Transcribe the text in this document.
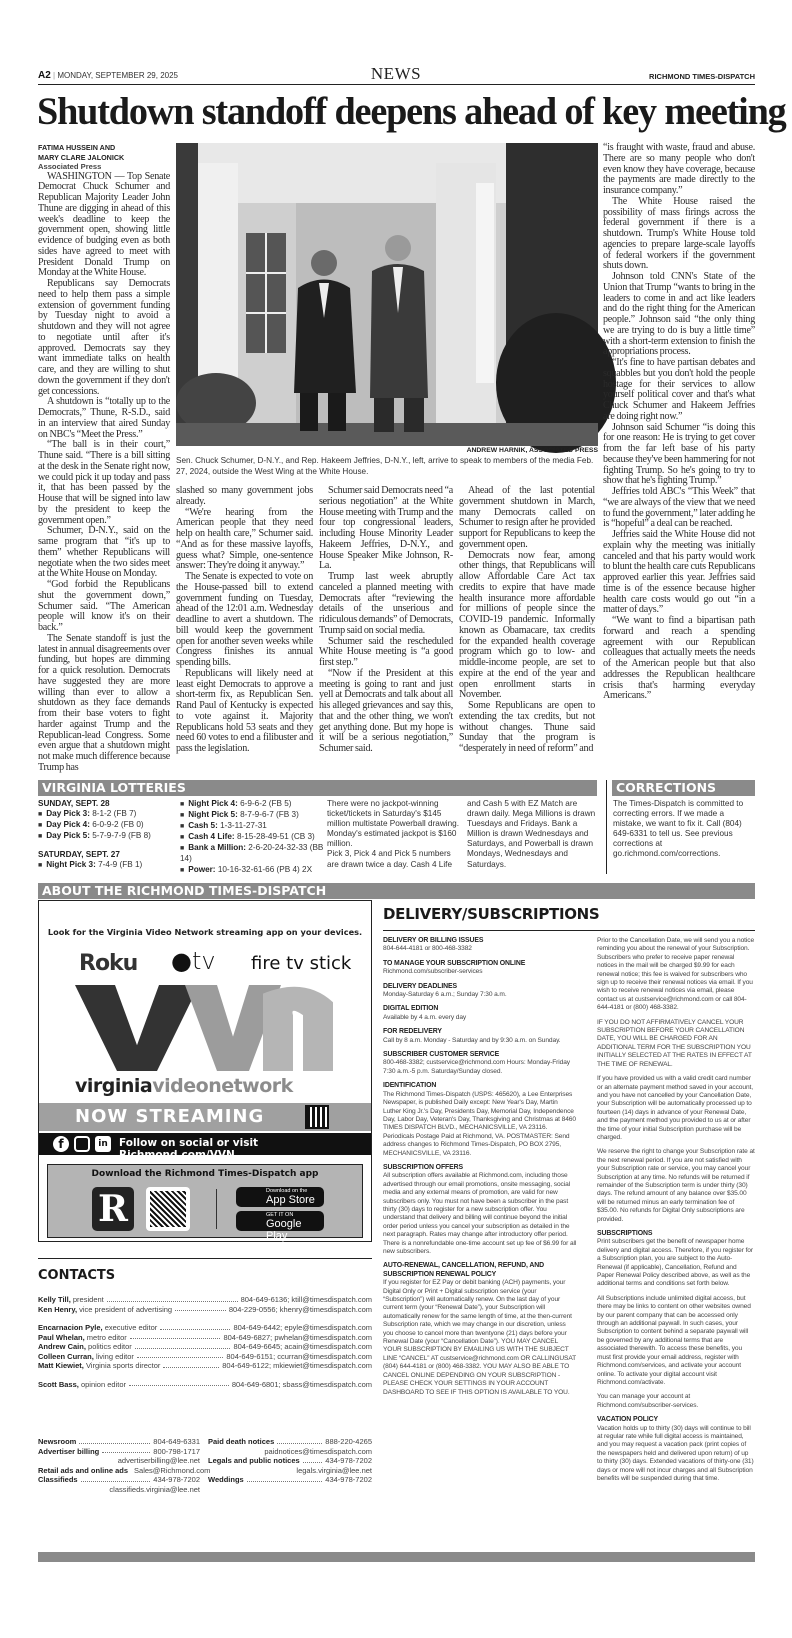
A2 | MONDAY, SEPTEMBER 29, 2025	NEWS	RICHMOND TIMES-DISPATCH
Shutdown standoff deepens ahead of key meeting
FATIMA HUSSEIN AND
MARY CLARE JALONICK
Associated Press

WASHINGTON — Top Senate Democrat Chuck Schumer and Republican Majority Leader John Thune are digging in ahead of this week's deadline to keep the government open, showing little evidence of budging even as both sides have agreed to meet with President Donald Trump on Monday at the White House.

Republicans say Democrats need to help them pass a simple extension of government funding by Tuesday night to avoid a shutdown and they will not agree to negotiate until after it's approved. Democrats say they want immediate talks on health care, and they are willing to shut down the government if they don't get concessions.

A shutdown is “totally up to the Democrats,” Thune, R-S.D., said in an interview that aired Sunday on NBC's “Meet the Press.”

“The ball is in their court,” Thune said. “There is a bill sitting at the desk in the Senate right now, we could pick it up today and pass it, that has been passed by the House that will be signed into law by the president to keep the government open.”

Schumer, D-N.Y., said on the same program that “it's up to them” whether Republicans will negotiate when the two sides meet at the White House on Monday.

“God forbid the Republicans shut the government down,” Schumer said. “The American people will know it's on their back.”

The Senate standoff is just the latest in annual disagreements over funding, but hopes are dimming for a quick resolution. Democrats have suggested they are more willing than ever to allow a shutdown as they face demands from their base voters to fight harder against Trump and the Republican-lead Congress. Some even argue that a shutdown might not make much difference because Trump has

ANDREW HARNIK, ASSOCIATED PRESS
Sen. Chuck Schumer, D-N.Y., and Rep. Hakeem Jeffries, D-N.Y., left, arrive to speak to members of the media Feb. 27, 2024, outside the West Wing at the White House.

slashed so many government jobs already.

“We're hearing from the American people that they need help on health care,” Schumer said. “And as for these massive layoffs, guess what? Simple, one-sentence answer: They're doing it anyway.”

The Senate is expected to vote on the House-passed bill to extend government funding on Tuesday, ahead of the 12:01 a.m. Wednesday deadline to avert a shutdown. The bill would keep the government open for another seven weeks while Congress finishes its annual spending bills.

Republicans will likely need at least eight Democrats to approve a short-term fix, as Republican Sen. Rand Paul of Kentucky is expected to vote against it. Majority Republicans hold 53 seats and they need 60 votes to end a filibuster and pass the legislation.

Schumer said Democrats need “a serious negotiation” at the White House meeting with Trump and the four top congressional leaders, including House Minority Leader Hakeem Jeffries, D-N.Y., and House Speaker Mike Johnson, R-La.

Trump last week abruptly canceled a planned meeting with Democrats after “reviewing the details of the unserious and ridiculous demands” of Democrats, Trump said on social media.

Schumer said the rescheduled White House meeting is “a good first step.”

“Now if the President at this meeting is going to rant and just yell at Democrats and talk about all his alleged grievances and say this, that and the other thing, we won't get anything done. But my hope is it will be a serious negotiation,” Schumer said.

Ahead of the last potential government shutdown in March, many Democrats called on Schumer to resign after he provided support for Republicans to keep the government open.

Democrats now fear, among other things, that Republicans will allow Affordable Care Act tax credits to expire that have made health insurance more affordable for millions of people since the COVID-19 pandemic. Informally known as Obamacare, tax credits for the expanded health coverage program which go to low- and middle-income people, are set to expire at the end of the year and open enrollment starts in November.

Some Republicans are open to extending the tax credits, but not without changes. Thune said Sunday that the program is “desperately in need of reform” and

“is fraught with waste, fraud and abuse. There are so many people who don't even know they have coverage, because the payments are made directly to the insurance company.”

The White House raised the possibility of mass firings across the federal government if there is a shutdown. Trump's White House told agencies to prepare large-scale layoffs of federal workers if the government shuts down.

Johnson told CNN's State of the Union that Trump “wants to bring in the leaders to come in and act like leaders and do the right thing for the American people.” Johnson said “the only thing we are trying to do is buy a little time” with a short-term extension to finish the appropriations process.

“It's fine to have partisan debates and squabbles but you don't hold the people hostage for their services to allow yourself political cover and that's what Chuck Schumer and Hakeem Jeffries are doing right now.”

Johnson said Schumer “is doing this for one reason: He is trying to get cover from the far left base of his party because they've been hammering for not fighting Trump. So he's going to try to show that he's fighting Trump.”

Jeffries told ABC's “This Week” that “we are always of the view that we need to fund the government,” later adding he is “hopeful” a deal can be reached.

Jeffries said the White House did not explain why the meeting was initially canceled and that his party would work to blunt the health care cuts Republicans approved earlier this year. Jeffries said time is of the essence because higher health care costs would go out “in a matter of days.”

“We want to find a bipartisan path forward and reach a spending agreement with our Republican colleagues that actually meets the needs of the American people but that also addresses the Republican healthcare crisis that's harming everyday Americans.”

VIRGINIA LOTTERIES
SUNDAY, SEPT. 28
■ Day Pick 3: 8-1-2 (FB 7)
■ Day Pick 4: 6-0-9-2 (FB 0)
■ Day Pick 5: 5-7-9-7-9 (FB 8)
SATURDAY, SEPT. 27
■ Night Pick 3: 7-4-9 (FB 1)
■ Night Pick 4: 6-9-6-2 (FB 5)
■ Night Pick 5: 8-7-9-6-7 (FB 3)
■ Cash 5: 1-3-11-27-31
■ Cash 4 Life: 8-15-28-49-51 (CB 3)
■ Bank a Million: 2-6-20-24-32-33 (BB 14)
■ Power: 10-16-32-61-66 (PB 4) 2X
There were no jackpot-winning ticket/tickets in Saturday's $145 million multistate Powerball drawing. Monday's estimated jackpot is $160 million.
Pick 3, Pick 4 and Pick 5 numbers are drawn twice a day. Cash 4 Life
and Cash 5 with EZ Match are drawn daily. Mega Millions is drawn Tuesdays and Fridays. Bank a Million is drawn Wednesdays and Saturdays, and Powerball is drawn Mondays, Wednesdays and Saturdays.
CORRECTIONS
The Times-Dispatch is committed to correcting errors. If we made a mistake, we want to fix it. Call (804) 649-6331 to tell us. See previous corrections at go.richmond.com/corrections.
ABOUT THE RICHMOND TIMES-DISPATCH
Look for the Virginia Video Network streaming app on your devices.
Roku ●tv fire tv stick
virginiavideonetwork
NOW STREAMING
f	in	Follow on social or visit Richmond.com/VVN
Download the Richmond Times-Dispatch app
R	Download on the
App Store
GET IT ON
Google Play
DELIVERY/SUBSCRIPTIONS
DELIVERY OR BILLING ISSUES

804-644-4181 or 800-468-3382

TO MANAGE YOUR SUBSCRIPTION ONLINE

Richmond.com/subscriber-services

DELIVERY DEADLINES

Monday-Saturday 6 a.m.; Sunday 7:30 a.m.

DIGITAL EDITION

Available by 4 a.m. every day

FOR REDELIVERY

Call by 8 a.m. Monday - Saturday and by 9:30 a.m. on Sunday.

SUBSCRIBER CUSTOMER SERVICE

800-468-3382; custservice@richmond.com Hours: Monday-Friday 7:30 a.m.-5 p.m. Saturday/Sunday closed.

IDENTIFICATION

The Richmond Times-Dispatch (USPS: 465620), a Lee Enterprises Newspaper, is published Daily except: New Year's Day, Martin Luther King Jr.'s Day, Presidents Day, Memorial Day, Independence Day, Labor Day, Veteran's Day, Thanksgiving and Christmas at 8460 TIMES DISPATCH BLVD., MECHANICSVILLE, VA 23116. Periodicals Postage Paid at Richmond, VA. POSTMASTER: Send address changes to Richmond Times-Dispatch, PO BOX 2795, MECHANICSVILLE, VA 23116.

SUBSCRIPTION OFFERS

All subscription offers available at Richmond.com, including those advertised through our email promotions, onsite messaging, social media and any external means of promotion, are valid for new subscribers only. You must not have been a subscriber in the past thirty (30) days to register for a new subscription offer. You understand that delivery and billing will continue beyond the initial order period unless you cancel your subscription as detailed in the next paragraph. Rates may change after introductory offer period. There is a nonrefundable one-time account set up fee of $6.99 for all new subscribers.

AUTO-RENEWAL, CANCELLATION, REFUND, AND SUBSCRIPTION RENEWAL POLICY

If you register for EZ Pay or debit banking (ACH) payments, your Digital Only or Print + Digital subscription service (your “Subscription”) will automatically renew. On the last day of your current term (your “Renewal Date”), your Subscription will automatically renew for the same length of time, at the then-current Subscription rate, which we may change in our discretion, unless you choose to cancel more than twentyone (21) days before your Renewal Date (your “Cancellation Date”). YOU MAY CANCEL YOUR SUBSCRIPTION BY EMAILING US WITH THE SUBJECT LINE “CANCEL” AT custservice@richmond.com OR CALLINGUSAT (804) 644-4181 or (800) 468-3382. YOU MAY ALSO BE ABLE TO CANCEL ONLINE DEPENDING ON YOUR SUBSCRIPTION - PLEASE CHECK YOUR SETTINGS IN YOUR ACCOUNT DASHBOARD TO SEE IF THIS OPTION IS AVAILABLE TO YOU.

Prior to the Cancellation Date, we will send you a notice reminding you about the renewal of your Subscription. Subscribers who prefer to receive paper renewal notices in the mail will be charged $9.99 for each renewal notice; this fee is waived for subscribers who sign up to receive their renewal notices via email. If you wish to receive renewal notices via email, please contact us at custservice@richmond.com or call 804-644-4181 or (800) 468-3382.

IF YOU DO NOT AFFIRMATIVELY CANCEL YOUR SUBSCRIPTION BEFORE YOUR CANCELLATION DATE, YOU WILL BE CHARGED FOR AN ADDITIONAL TERM FOR THE SUBSCRIPTION YOU INITIALLY SELECTED AT THE RATES IN EFFECT AT THE TIME OF RENEWAL.

If you have provided us with a valid credit card number or an alternate payment method saved in your account, and you have not cancelled by your Cancellation Date, your Subscription will be automatically processed up to fourteen (14) days in advance of your Renewal Date, and the payment method you provided to us at or after the time of your initial Subscription purchase will be charged.

We reserve the right to change your Subscription rate at the next renewal period. If you are not satisfied with your Subscription rate or service, you may cancel your Subscription at any time. No refunds will be returned if remainder of the Subscription term is under thirty (30) days. The refund amount of any balance over $35.00 will be returned minus an early termination fee of $35.00. No refunds for Digital Only subscriptions are provided.

SUBSCRIPTIONS

Print subscribers get the benefit of newspaper home delivery and digital access. Therefore, if you register for a Subscription plan, you are subject to the Auto-Renewal (if applicable), Cancellation, Refund and Paper Renewal Policy described above, as well as the additional terms and conditions set forth below.

All Subscriptions include unlimited digital access, but there may be links to content on other websites owned by our parent company that can be accessed only through an additional paywall. In such cases, your Subscription to content behind a separate paywall will be governed by any additional terms that are associated therewith. To access these benefits, you must first provide your email address, register with Richmond.com/services, and activate your account online. To activate your digital account visit Richmond.com/activate.

You can manage your account at Richmond.com/subscriber-services.

VACATION POLICY

Vacation holds up to thirty (30) days will continue to bill at regular rate while full digital access is maintained, and you may request a vacation pack (print copies of the newspapers held and delivered upon return) of up to thirty (30) days. Extended vacations of thirty-one (31) days or more will not incur charges and all Subscription benefits will be suspended during that time.

CONTACTS
Kelly Till,
president	804-649-6136; ktill@timesdispatch.com
Ken Henry,
vice president of advertising	804-229-0556; khenry@timesdispatch.com
Encarnacion Pyle,
executive editor	804-649-6442; epyle@timesdispatch.com
Paul Whelan,
metro editor	804-649-6827; pwhelan@timesdispatch.com
Andrew Cain,
politics editor	804-649-6645; acain@timesdispatch.com
Colleen Curran,
living editor	804-649-6151; ccurran@timesdispatch.com
Matt Kiewiet,
Virginia sports director	804-649-6122; mkiewiet@timesdispatch.com
Scott Bass,
opinion editor	804-649-6801; sbass@timesdispatch.com
Newsroom	804-649-6331
Advertiser billing	800-798-1717
advertiserbilling@lee.net
Retail ads and online ads Sales@Richmond.com
Classifieds	434-978-7202
classifieds.virginia@lee.net
Paid death notices	888-220-4265
paidnotices@timesdispatch.com
Legals and public notices	434-978-7202
legals.virginia@lee.net
Weddings	434-978-7202
